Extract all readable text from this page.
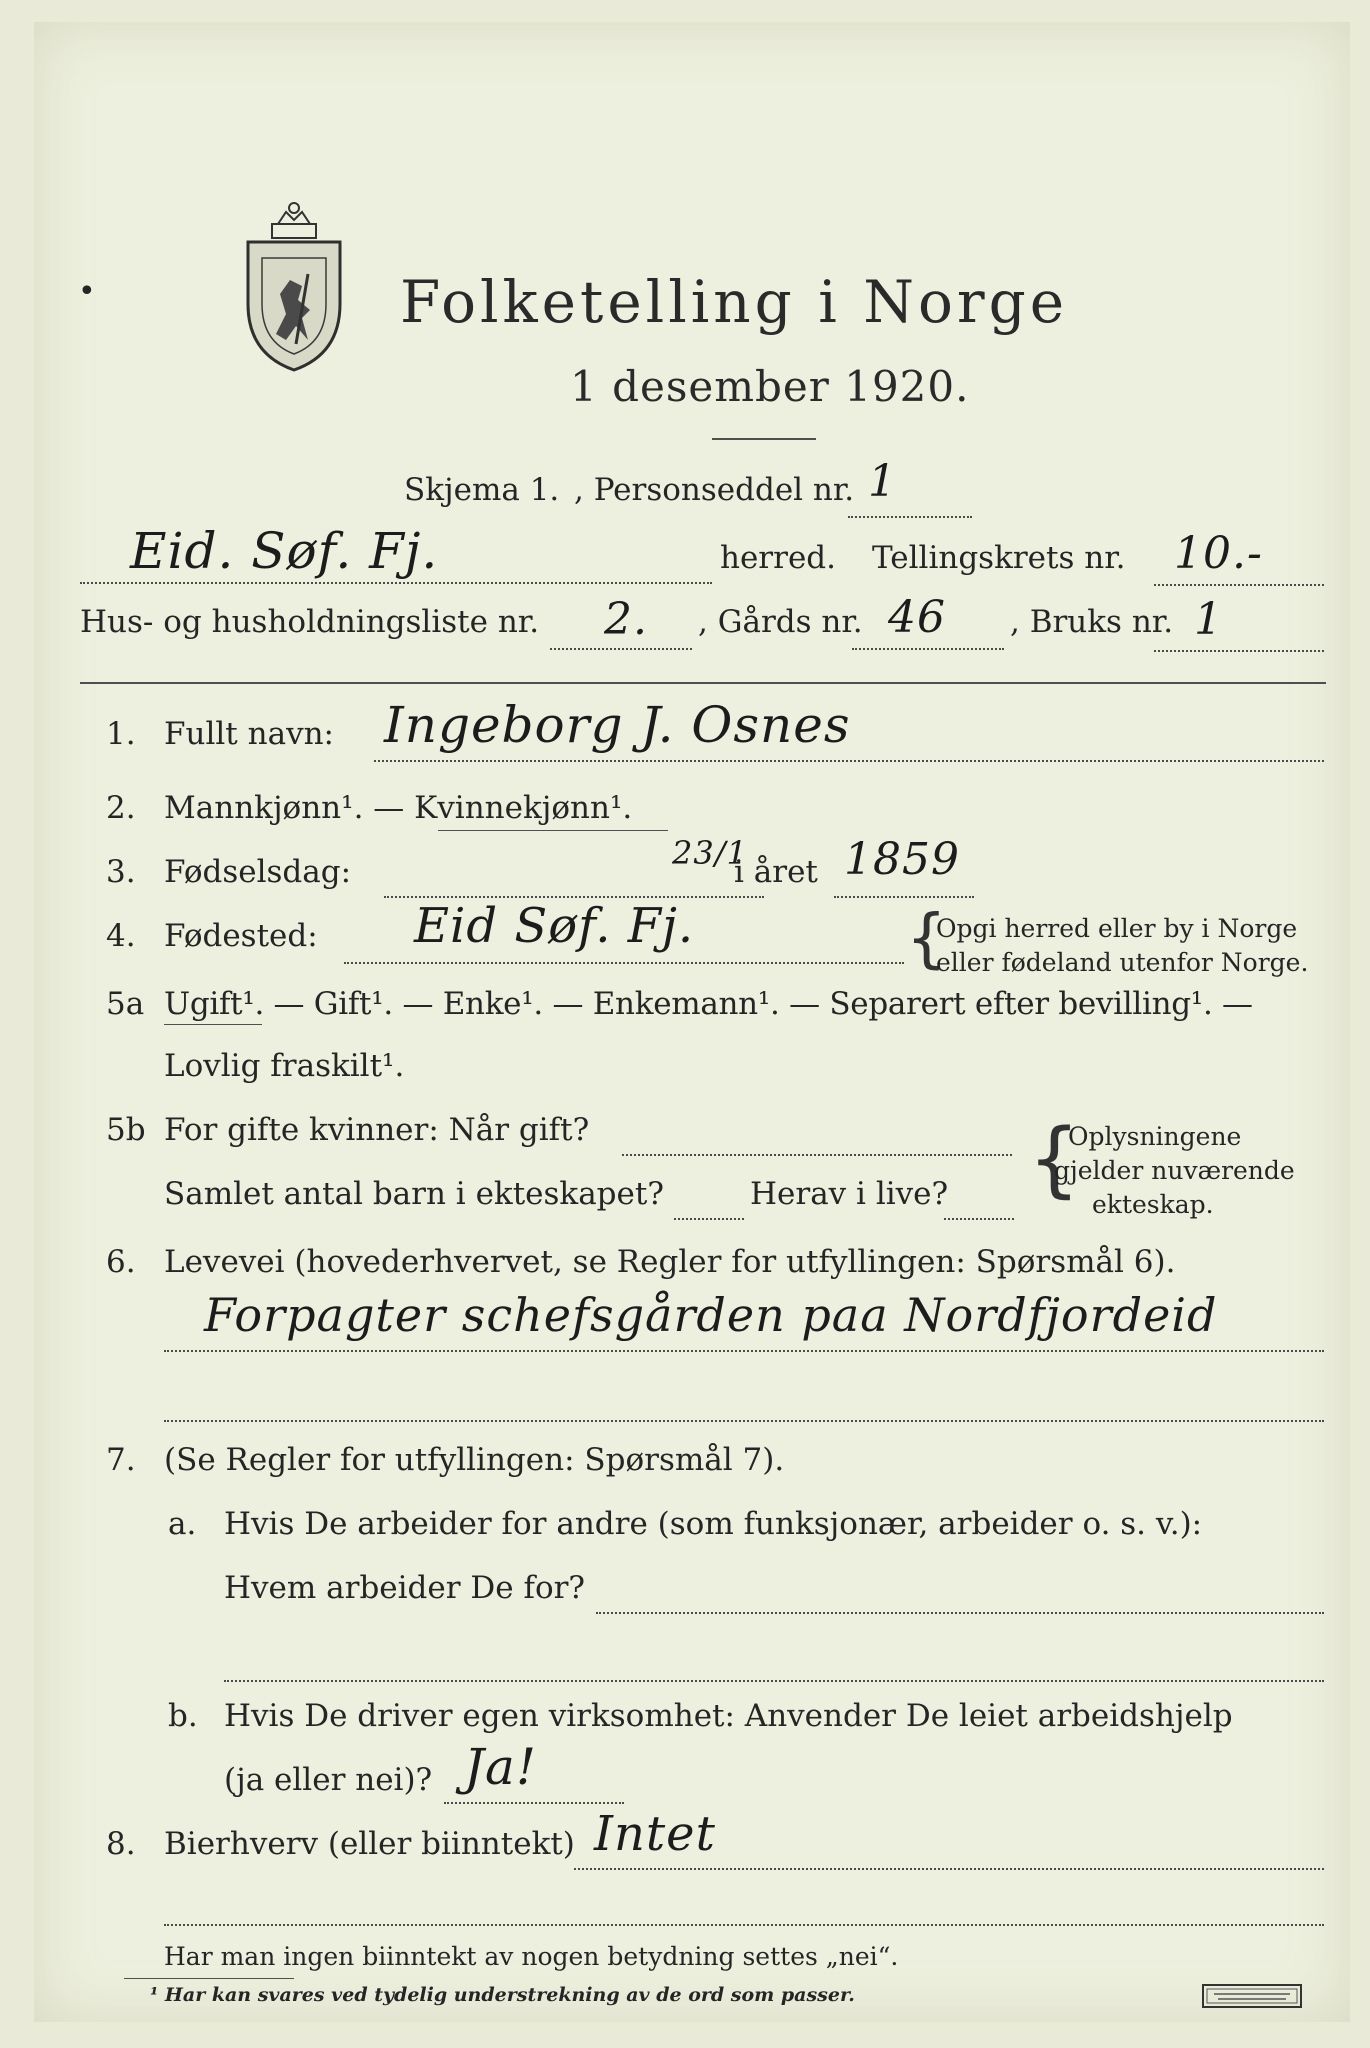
Folketelling i Norge
1 desember 1920.
•
Skjema 1. , Personseddel nr. 1
Eid. Søf. Fj.	herred. Tellingskrets nr. 10.-
Hus- og husholdningsliste nr. 2. , Gårds nr. 46 , Bruks nr. 1
1. Fullt navn: Ingeborg J. Osnes
2. Mannkjønn¹. — Kvinnekjønn¹.
3. Fødselsdag:	23/1
i året 1859
4. Fødested: Eid Søf. Fj.	{
Opgi herred eller by i Norge
eller fødeland utenfor Norge.
5a Ugift¹. — Gift¹. — Enke¹. — Enkemann¹. — Separert efter bevilling¹. —
Lovlig fraskilt¹.
5b For gifte kvinner: Når gift?
Samlet antal barn i ekteskapet?	Herav i live? {
Oplysningene
gjelder nuværende
ekteskap.
6. Levevei (hovederhvervet, se Regler for utfyllingen: Spørsmål 6).
Forpagter schefsgården paa Nordfjordeid
7. (Se Regler for utfyllingen: Spørsmål 7).
a. Hvis De arbeider for andre (som funksjonær, arbeider o. s. v.):
Hvem arbeider De for?
b. Hvis De driver egen virksomhet: Anvender De leiet arbeidshjelp
(ja eller nei)? Ja!
8. Bierhverv (eller biinntekt) Intet
Har man ingen biinntekt av nogen betydning settes „nei“.
¹ Har kan svares ved tydelig understrekning av de ord som passer.
